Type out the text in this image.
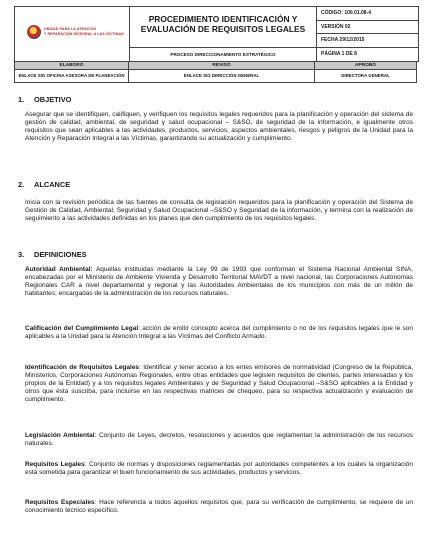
UNIDAD PARA LA ATENCIÓN
Y REPARACIÓN INTEGRAL A LAS VÍCTIMAS
PROCEDIMIENTO IDENTIFICACIÓN Y
EVALUACIÓN DE REQUISITOS LEGALES
PROCESO DIRECCIONAMIENTO ESTRATÉGICO
CÓDIGO: 100.01.08-4
VERSIÓN 02
FECHA 29/12/2015
PÁGINA 1 DE 8
ELABORÓ	REVISÓ	APROBÓ
ENLACE SIG OFICINA ASESORA DE PLANEACIÓN	ENLACE SIG DIRECCIÓN GENERAL	DIRECTORA GENERAL
1. OBJETIVO

Asegurar que se identifiquen, califiquen, y verifiquen los requisitos legales requeridos para la planificación y operación del sistema de gestión de calidad, ambiental, de seguridad y salud ocupacional – S&SO, de seguridad de la información, e igualmente otros requisitos que sean aplicables a las actividades, productos, servicios, aspectos ambientales, riesgos y peligros de la Unidad para la Atención y Reparación Integral a las Víctimas, garantizando su actualización y cumplimiento.

2. ALCANCE

Inicia con la revisión periódica de las fuentes de consulta de legislación requeridos para la planificación y operación del Sistema de Gestión de Calidad, Ambiental, Seguridad y Salud Ocupacional –S&SO y Seguridad de la información, y termina con la realización de seguimiento a las actividades definidas en los planes que den cumplimiento de los requisitos legales.

3. DEFINICIONES

Autoridad Ambiental: Aquellas instituidas mediante la Ley 99 de 1993 que conforman el Sistema Nacional Ambiental SINA, encabezadas por el Ministerio de Ambiente Vivienda y Desarrollo Territorial MAVDT a nivel nacional, las Corporaciones Autónomas Regionales CAR a nivel departamental y regional y las Autoridades Ambientales de los municipios con más de un millón de habitantes; encargadas de la administración de los recursos naturales.

Calificación del Cumplimiento Legal: acción de emitir concepto acerca del cumplimiento o no de los requisitos legales que le son aplicables a la Unidad para la Atención Integral a las Víctimas del Conflicto Armado.

Identificación de Requisitos Legales: Identificar y tener acceso a los entes emisores de normatividad (Congreso de la República, Ministerios, Corporaciones Autónomas Regionales, entre otras entidades que legislen requisitos de clientes, partes interesadas y los propios de la Entidad) y a los requisitos legales Ambientales y de Seguridad y Salud Ocupacional –S&SO aplicables a la Entidad y otros que ésta suscriba, para incluirse en las respectivas matrices de chequeo, para su respectiva actualización y evaluación de cumplimiento.

Legislación Ambiental: Conjunto de Leyes, decretos, resoluciones y acuerdos que reglamentan la administración de los recursos naturales.

Requisitos Legales: Conjunto de normas y disposiciones reglamentadas por autoridades competentes a los cuales la organización está sometida para garantizar el buen funcionamiento de sus actividades, productos y servicios.

Requisitos Especiales: Hace referencia a todos aquellos requisitos que, para su verificación de cumplimiento, se requiere de un conocimiento técnico específico.
